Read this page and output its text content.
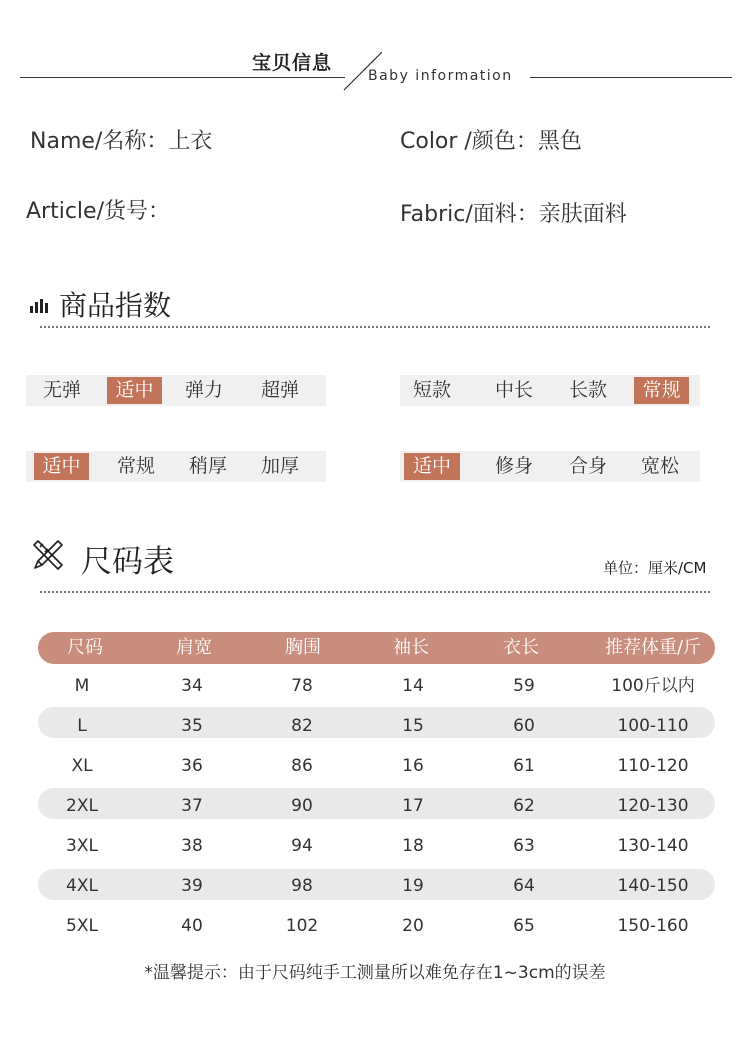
宝贝信息
Baby information
Name/名称：上衣	Color /颜色：黑色
Article/货号：	Fabric/面料：亲肤面料
商品指数
无弹	适中	弹力	超弹	短款	中长	长款	常规
适中	常规	稍厚	加厚	适中	修身	合身	宽松
尺码表	单位：厘米/CM
尺码	肩宽	胸围	袖长	衣长	推荐体重/斤
M	34	78	14	59	100斤以内
L	35	82	15	60	100-110
XL	36	86	16	61	110-120
2XL	37	90	17	62	120-130
3XL	38	94	18	63	130-140
4XL	39	98	19	64	140-150
5XL	40	102	20	65	150-160
*温馨提示：由于尺码纯手工测量所以难免存在1~3cm的误差
